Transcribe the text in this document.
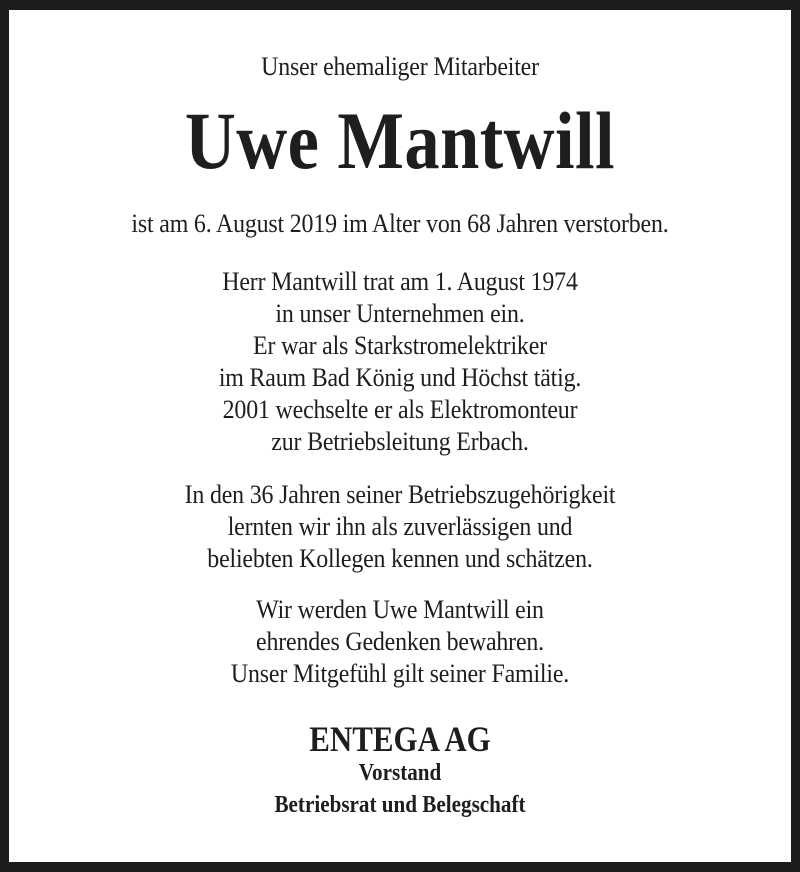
Unser ehemaliger Mitarbeiter
Uwe Mantwill
ist am 6. August 2019 im Alter von 68 Jahren verstorben.
Herr Mantwill trat am 1. August 1974
in unser Unternehmen ein.
Er war als Starkstromelektriker
im Raum Bad König und Höchst tätig.
2001 wechselte er als Elektromonteur
zur Betriebsleitung Erbach.
In den 36 Jahren seiner Betriebszugehörigkeit
lernten wir ihn als zuverlässigen und
beliebten Kollegen kennen und schätzen.
Wir werden Uwe Mantwill ein
ehrendes Gedenken bewahren.
Unser Mitgefühl gilt seiner Familie.
ENTEGA AG
Vorstand
Betriebsrat und Belegschaft
